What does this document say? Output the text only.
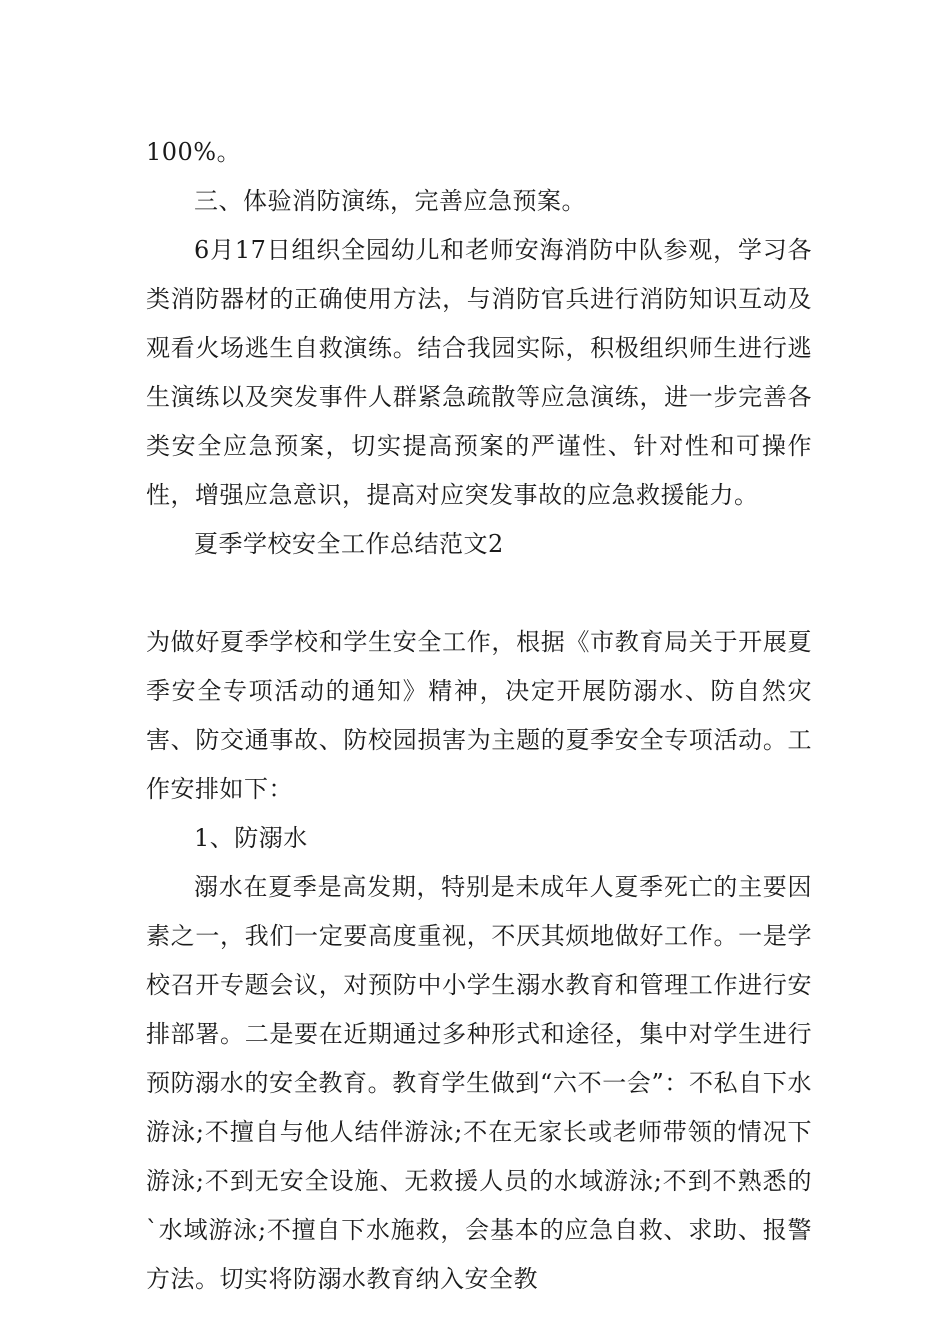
100%。

三、体验消防演练，完善应急预案。

6月17日组织全园幼儿和老师安海消防中队参观，学习各类消防器材的正确使用方法，与消防官兵进行消防知识互动及观看火场逃生自救演练。结合我园实际，积极组织师生进行逃生演练以及突发事件人群紧急疏散等应急演练，进一步完善各类安全应急预案，切实提高预案的严谨性、针对性和可操作性，增强应急意识，提高对应突发事故的应急救援能力。

夏季学校安全工作总结范文2

为做好夏季学校和学生安全工作，根据《市教育局关于开展夏季安全专项活动的通知》精神，决定开展防溺水、防自然灾害、防交通事故、防校园损害为主题的夏季安全专项活动。工作安排如下：

1、防溺水

溺水在夏季是高发期，特别是未成年人夏季死亡的主要因素之一，我们一定要高度重视，不厌其烦地做好工作。一是学校召开专题会议，对预防中小学生溺水教育和管理工作进行安排部署。二是要在近期通过多种形式和途径，集中对学生进行预防溺水的安全教育。教育学生做到“六不一会”：不私自下水游泳;不擅自与他人结伴游泳;不在无家长或老师带领的情况下游泳;不到无安全设施、无救援人员的水域游泳;不到不熟悉的`水域游泳;不擅自下水施救，会基本的应急自救、求助、报警方法。切实将防溺水教育纳入安全教
